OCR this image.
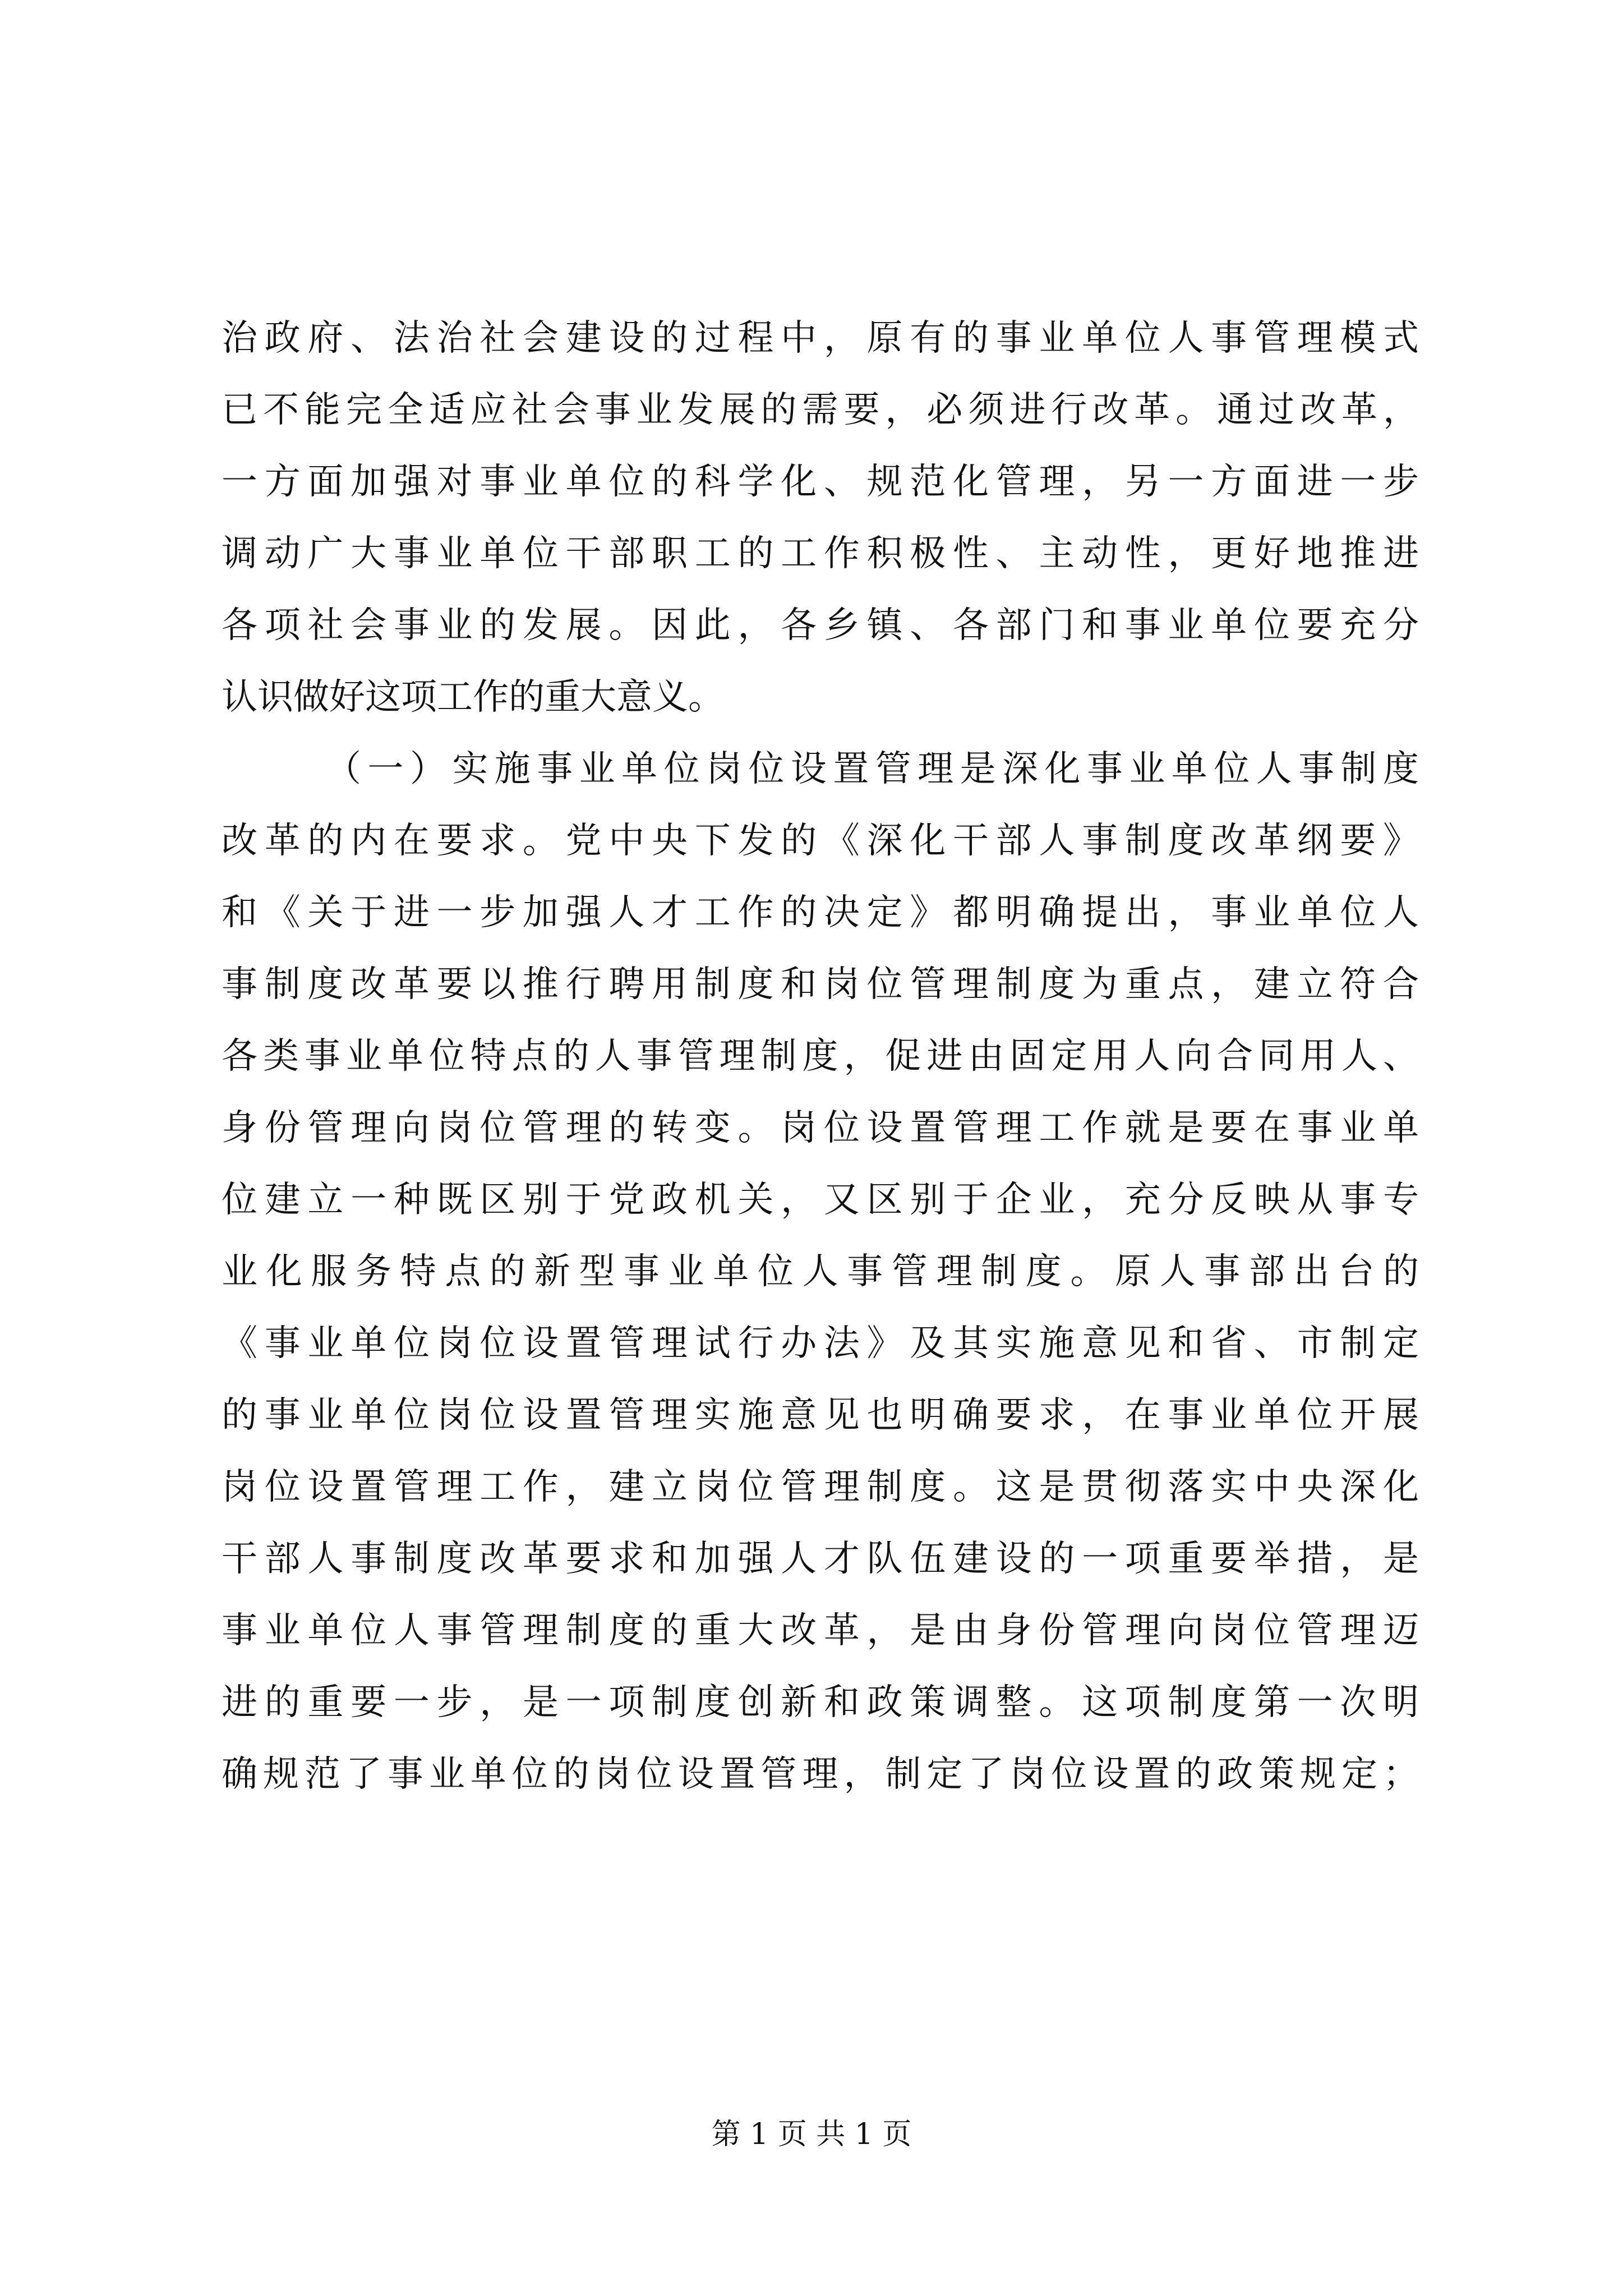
治政府、法治社会建设的过程中，原有的事业单位人事管理模式
已不能完全适应社会事业发展的需要，必须进行改革。通过改革，
一方面加强对事业单位的科学化、规范化管理，另一方面进一步
调动广大事业单位干部职工的工作积极性、主动性，更好地推进
各项社会事业的发展。因此，各乡镇、各部门和事业单位要充分
认识做好这项工作的重大意义。
（一）实施事业单位岗位设置管理是深化事业单位人事制度
改革的内在要求。党中央下发的《深化干部人事制度改革纲要》
和《关于进一步加强人才工作的决定》都明确提出，事业单位人
事制度改革要以推行聘用制度和岗位管理制度为重点，建立符合
各类事业单位特点的人事管理制度，促进由固定用人向合同用人、
身份管理向岗位管理的转变。岗位设置管理工作就是要在事业单
位建立一种既区别于党政机关，又区别于企业，充分反映从事专
业化服务特点的新型事业单位人事管理制度。原人事部出台的
《事业单位岗位设置管理试行办法》及其实施意见和省、市制定
的事业单位岗位设置管理实施意见也明确要求，在事业单位开展
岗位设置管理工作，建立岗位管理制度。这是贯彻落实中央深化
干部人事制度改革要求和加强人才队伍建设的一项重要举措，是
事业单位人事管理制度的重大改革，是由身份管理向岗位管理迈
进的重要一步，是一项制度创新和政策调整。这项制度第一次明
确规范了事业单位的岗位设置管理，制定了岗位设置的政策规定；
第 1 页 共 1 页
